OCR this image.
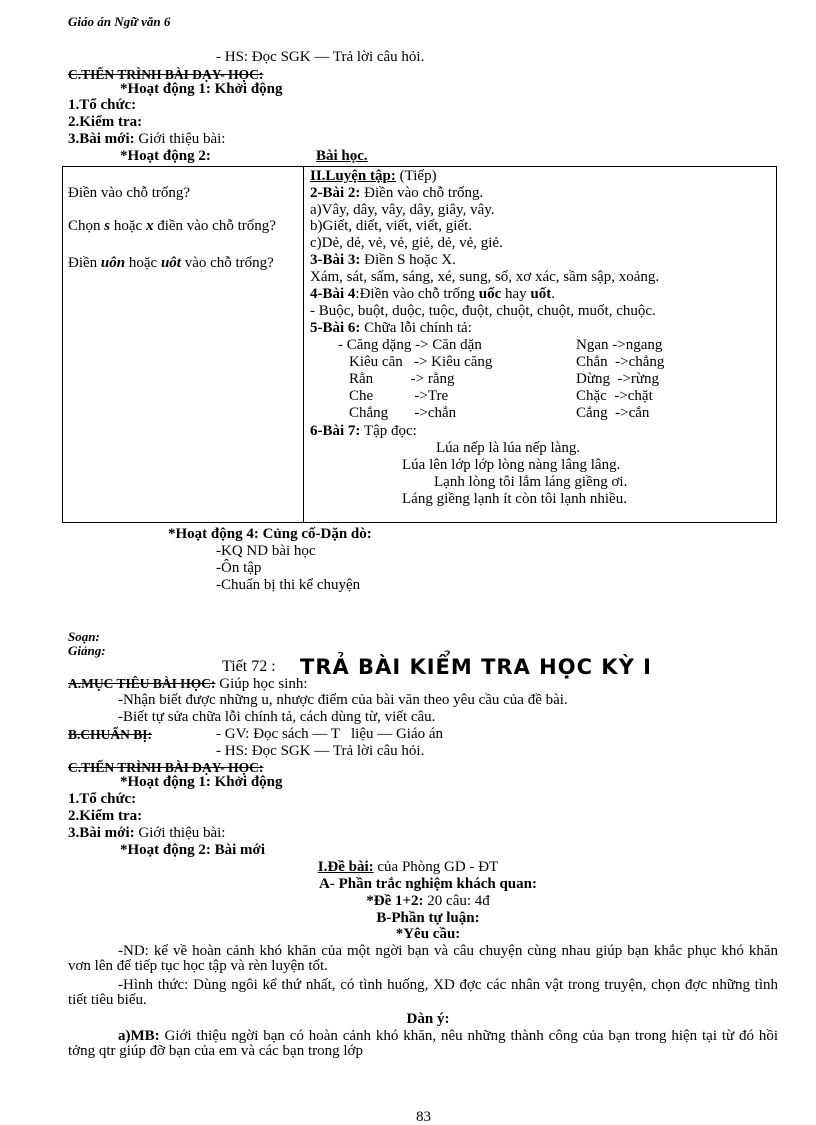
Giáo án Ngữ văn 6
- HS: Đọc SGK — Trả lời câu hỏi.
C.TIẾN TRÌNH BÀI DẠY- HỌC:
*Hoạt động 1: Khởi động
1.Tổ chức:
2.Kiểm tra:
3.Bài mới: Giới thiệu bài:
*Hoạt động 2:	Bài học.
Điền vào chỗ trống?
Chọn s hoặc x điền vào chỗ trống?
Điền uôn hoặc uôt vào chỗ trống?
II.Luyện tập: (Tiếp)
2-Bài 2: Điền vào chỗ trống.
a)Vây, dây, vây, dây, giây, vây.
b)Giết, diết, viết, viết, giết.
c)Dẻ, dẻ, vẻ, vẻ, giẻ, dẻ, vẻ, giẻ.
3-Bài 3: Điền S hoặc X.
Xám, sát, sấm, sáng, xé, sung, sổ, xơ xác, sầm sập, xoảng.
4-Bài 4:Điền vào chỗ trống uốc hay uốt.
- Buộc, buột, duộc, tuộc, đuột, chuột, chuột, muốt, chuộc.
5-Bài 6: Chữa lỗi chính tả:
- Căng dặng -> Căn dặn
Kiêu căn   -> Kiêu căng
Rằn          -> rằng
Che           ->Tre
Chắng       ->chắn
Ngan ->ngang
Chẳn  ->chẳng
Dừng  ->rừng
Chặc  ->chặt
Cắng  ->cắn
6-Bài 7: Tập đọc:
Lúa nếp là lúa nếp làng.
Lúa lên lớp lớp lòng nàng lâng lâng.
Lạnh lòng tôi lắm láng giềng ơi.
Láng giềng lạnh ít còn tôi lạnh nhiều.
*Hoạt động 4: Củng cố-Dặn dò:
-KQ ND bài học
-Ôn tập
-Chuẩn bị thi kể chuyện
Soạn:
Giảng:
Tiết 72 : TRẢ BÀI KIỂM TRA HỌC KỲ I
A.MỤC TIÊU BÀI HỌC: Giúp học sinh:
-Nhận biết được những u, nhược điểm của bài văn theo yêu cầu của đề bài.
-Biết tự sửa chữa lỗi chính tả, cách dùng từ, viết câu.
B.CHUẨN BỊ:	- GV: Đọc sách — T   liệu — Giáo án
- HS: Đọc SGK — Trả lời câu hỏi.
C.TIẾN TRÌNH BÀI DẠY- HỌC:
*Hoạt động 1: Khởi động
1.Tổ chức:
2.Kiểm tra:
3.Bài mới: Giới thiệu bài:
*Hoạt động 2: Bài mới
I.Đề bài: của Phòng GD - ĐT
A- Phần trắc nghiệm khách quan:
*Đề 1+2: 20 câu: 4đ
B-Phần tự luận:
*Yêu cầu:
-ND: kể về hoàn cảnh khó khăn của một ngời bạn và câu chuyện cùng nhau giúp bạn khắc phục khó khăn vơn lên để tiếp tục học tập và rèn luyện tốt.
-Hình thức: Dùng ngôi kể thứ nhất, có tình huống, XD đợc các nhân vật trong truyện, chọn đợc những tình tiết tiêu biểu.
Dàn ý:
a)MB: Giới thiệu ngời bạn có hoàn cảnh khó khăn, nêu những thành công của bạn trong hiện tại từ đó hồi tởng qtr giúp đỡ bạn của em và các bạn trong lớp
83
